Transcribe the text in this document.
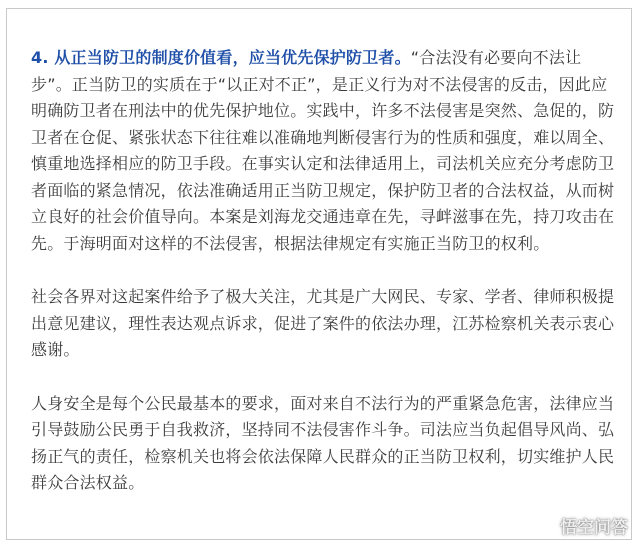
4. 从正当防卫的制度价值看，应当优先保护防卫者。“合法没有必要向不法让步”。正当防卫的实质在于“以正对不正”，是正义行为对不法侵害的反击，因此应明确防卫者在刑法中的优先保护地位。实践中，许多不法侵害是突然、急促的，防卫者在仓促、紧张状态下往往难以准确地判断侵害行为的性质和强度，难以周全、慎重地选择相应的防卫手段。在事实认定和法律适用上，司法机关应充分考虑防卫者面临的紧急情况，依法准确适用正当防卫规定，保护防卫者的合法权益，从而树立良好的社会价值导向。本案是刘海龙交通违章在先，寻衅滋事在先，持刀攻击在先。于海明面对这样的不法侵害，根据法律规定有实施正当防卫的权利。

社会各界对这起案件给予了极大关注，尤其是广大网民、专家、学者、律师积极提出意见建议，理性表达观点诉求，促进了案件的依法办理，江苏检察机关表示衷心感谢。

人身安全是每个公民最基本的要求，面对来自不法行为的严重紧急危害，法律应当引导鼓励公民勇于自我救济，坚持同不法侵害作斗争。司法应当负起倡导风尚、弘扬正气的责任，检察机关也将会依法保障人民群众的正当防卫权利，切实维护人民群众合法权益。

悟空问答
